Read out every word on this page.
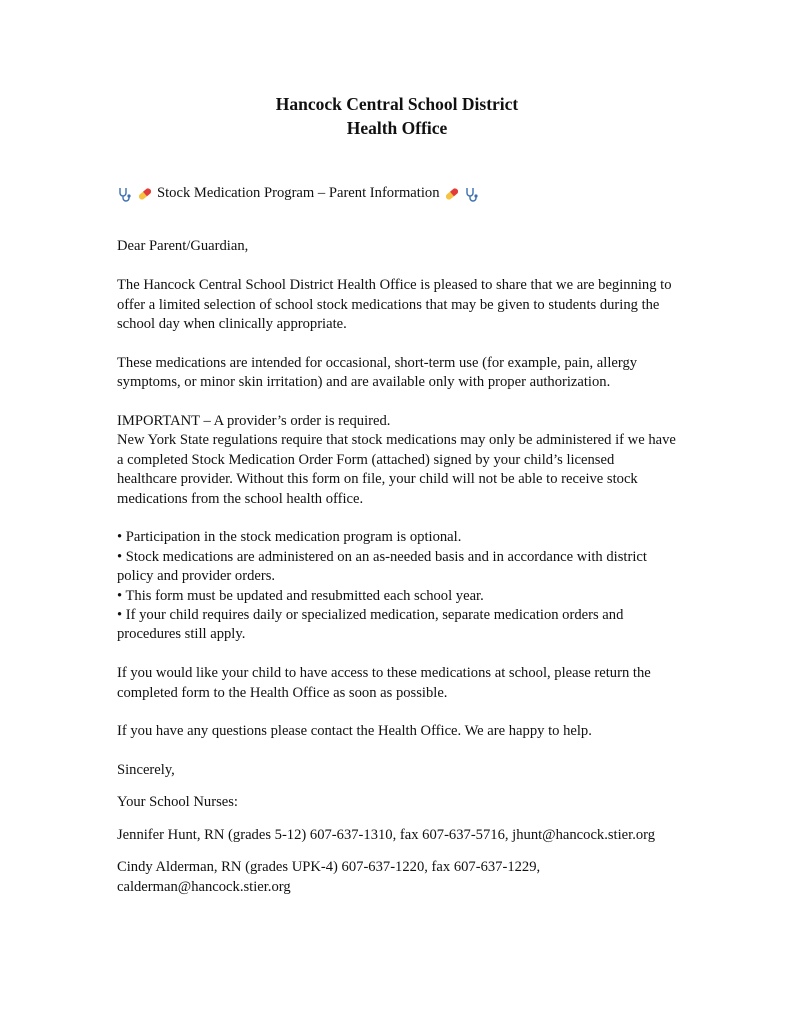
Hancock Central School District

Health Office

Stock Medication Program – Parent Information

Dear Parent/Guardian,

The Hancock Central School District Health Office is pleased to share that we are beginning to offer a limited selection of school stock medications that may be given to students during the school day when clinically appropriate.

These medications are intended for occasional, short-term use (for example, pain, allergy symptoms, or minor skin irritation) and are available only with proper authorization.

IMPORTANT – A provider’s order is required.
New York State regulations require that stock medications may only be administered if we have a completed Stock Medication Order Form (attached) signed by your child’s licensed healthcare provider. Without this form on file, your child will not be able to receive stock medications from the school health office.
• Participation in the stock medication program is optional.
• Stock medications are administered on an as-needed basis and in accordance with district policy and provider orders.
• This form must be updated and resubmitted each school year.
• If your child requires daily or specialized medication, separate medication orders and procedures still apply.

If you would like your child to have access to these medications at school, please return the completed form to the Health Office as soon as possible.

If you have any questions please contact the Health Office. We are happy to help.

Sincerely,

Your School Nurses:

Jennifer Hunt, RN (grades 5-12) 607-637-1310, fax 607-637-5716, jhunt@hancock.stier.org

Cindy Alderman, RN (grades UPK-4) 607-637-1220, fax 607-637-1229, calderman@hancock.stier.org
